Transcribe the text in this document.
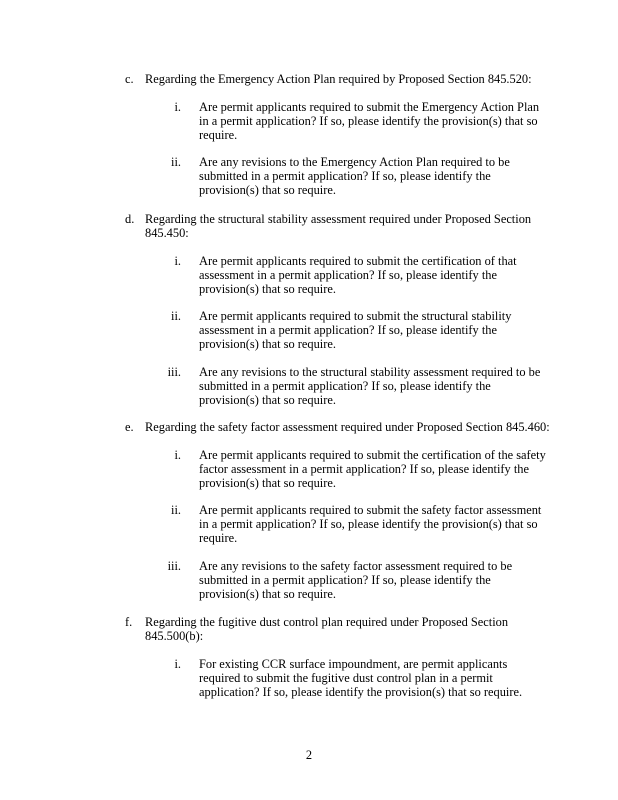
c. Regarding the Emergency Action Plan required by Proposed Section 845.520:

i. Are permit applicants required to submit the Emergency Action Plan in a permit application? If so, please identify the provision(s) that so require.

ii. Are any revisions to the Emergency Action Plan required to be submitted in a permit application? If so, please identify the provision(s) that so require.

d. Regarding the structural stability assessment required under Proposed Section 845.450:

i. Are permit applicants required to submit the certification of that assessment in a permit application? If so, please identify the provision(s) that so require.

ii. Are permit applicants required to submit the structural stability assessment in a permit application? If so, please identify the provision(s) that so require.

iii. Are any revisions to the structural stability assessment required to be submitted in a permit application? If so, please identify the provision(s) that so require.

e. Regarding the safety factor assessment required under Proposed Section 845.460:

i. Are permit applicants required to submit the certification of the safety factor assessment in a permit application? If so, please identify the provision(s) that so require.

ii. Are permit applicants required to submit the safety factor assessment in a permit application? If so, please identify the provision(s) that so require.

iii. Are any revisions to the safety factor assessment required to be submitted in a permit application? If so, please identify the provision(s) that so require.

f. Regarding the fugitive dust control plan required under Proposed Section 845.500(b):

i. For existing CCR surface impoundment, are permit applicants required to submit the fugitive dust control plan in a permit application? If so, please identify the provision(s) that so require.

2
